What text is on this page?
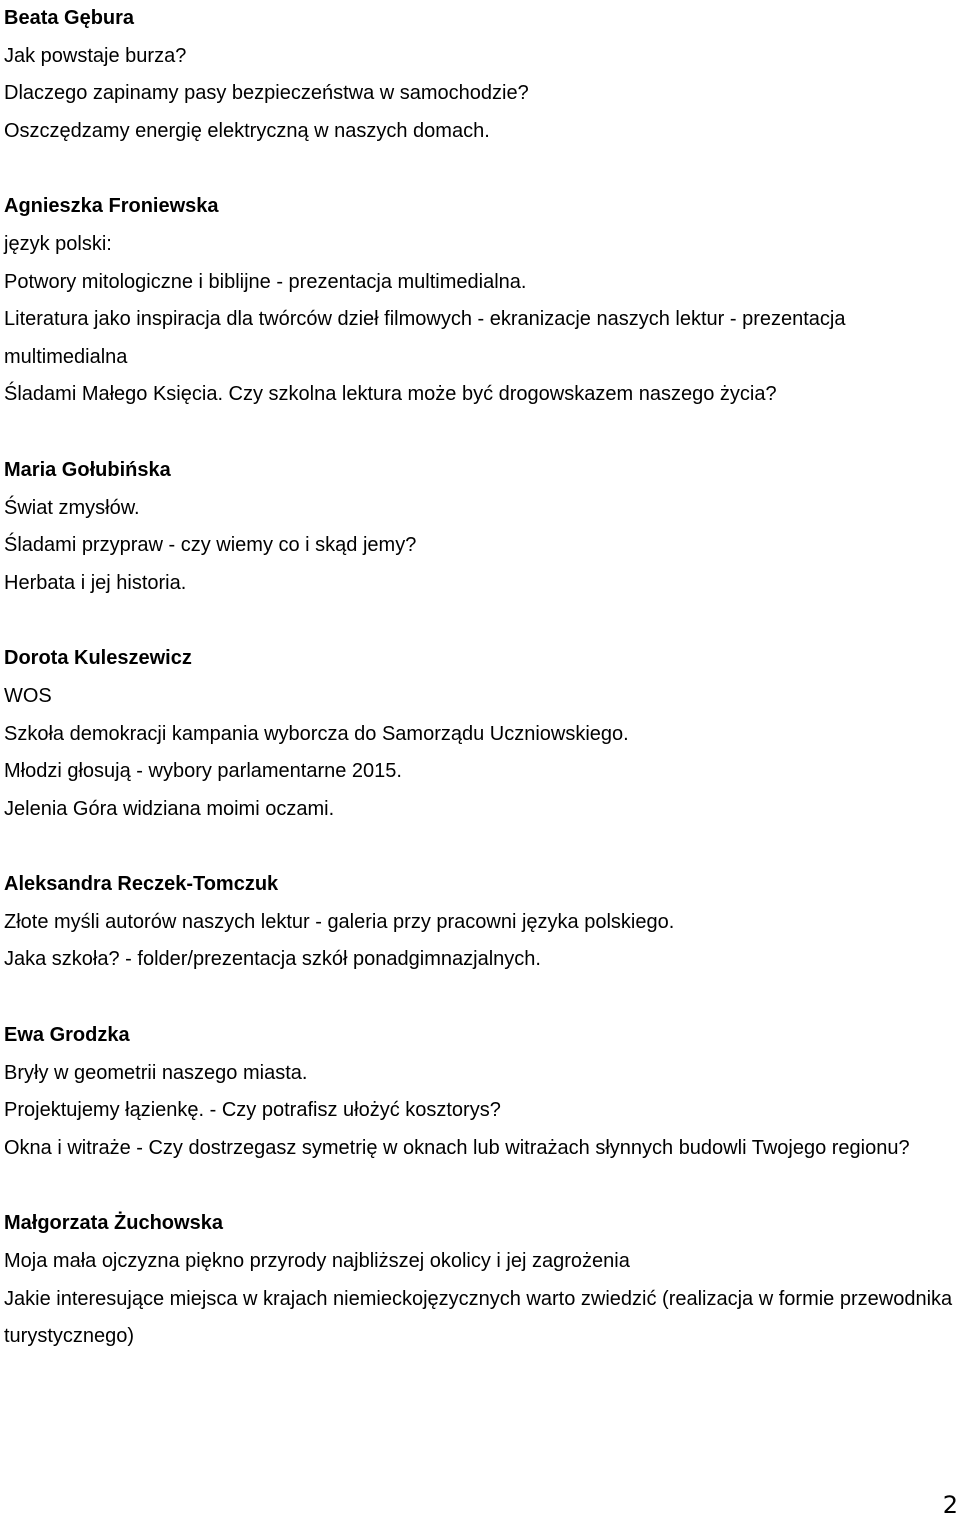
Beata Gębura
Jak powstaje burza?
Dlaczego zapinamy pasy bezpieczeństwa w samochodzie?
Oszczędzamy energię elektryczną w naszych domach.
Agnieszka Froniewska
język polski:
Potwory mitologiczne i biblijne - prezentacja multimedialna.
Literatura jako inspiracja dla twórców dzieł filmowych - ekranizacje naszych lektur - prezentacja multimedialna
Śladami Małego Księcia. Czy szkolna lektura może być drogowskazem naszego życia?
Maria Gołubińska
Świat zmysłów.
Śladami przypraw - czy wiemy co i skąd jemy?
Herbata i jej historia.
Dorota Kuleszewicz
WOS
Szkoła demokracji kampania wyborcza do Samorządu Uczniowskiego.
Młodzi głosują - wybory parlamentarne 2015.
Jelenia Góra widziana moimi oczami.
Aleksandra Reczek-Tomczuk
Złote myśli autorów naszych lektur - galeria przy pracowni języka polskiego.
Jaka szkoła? - folder/prezentacja szkół ponadgimnazjalnych.
Ewa Grodzka
Bryły w geometrii naszego miasta.
Projektujemy łązienkę. - Czy potrafisz ułożyć kosztorys?
Okna i witraże - Czy dostrzegasz symetrię w oknach lub witrażach słynnych budowli Twojego regionu?
Małgorzata Żuchowska
Moja mała ojczyzna piękno przyrody najbliższej okolicy i jej zagrożenia
Jakie interesujące miejsca w krajach niemieckojęzycznych warto zwiedzić (realizacja w formie przewodnika turystycznego)
2
